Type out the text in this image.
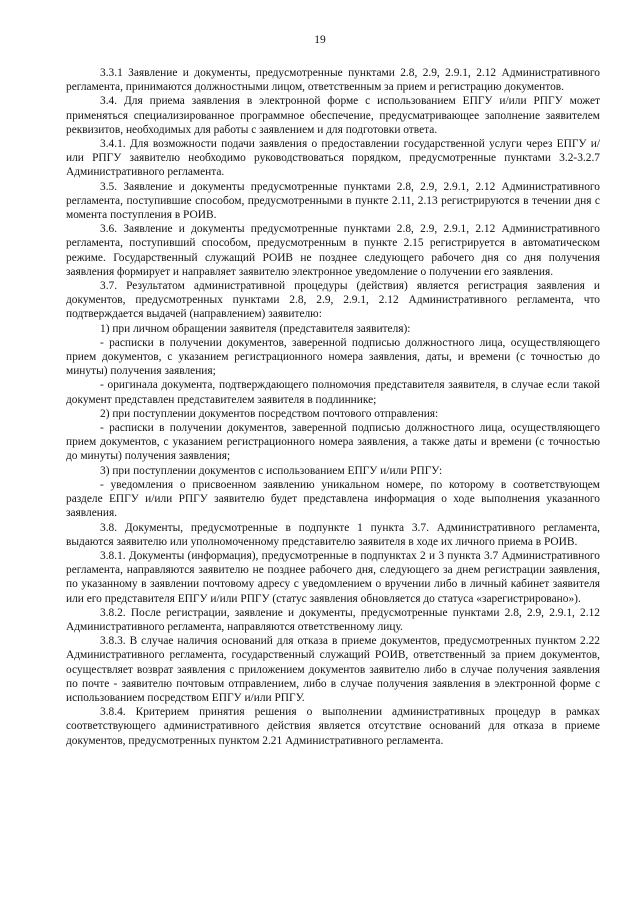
19

3.3.1 Заявление и документы, предусмотренные пунктами 2.8, 2.9, 2.9.1, 2.12 Административного регламента, принимаются должностными лицом, ответственным за прием и регистрацию документов.

3.4. Для приема заявления в электронной форме с использованием ЕПГУ и/или РПГУ может применяться специализированное программное обеспечение, предусматривающее заполнение заявителем реквизитов, необходимых для работы с заявлением и для подготовки ответа.

3.4.1. Для возможности подачи заявления о предоставлении государственной услуги через ЕПГУ и/или РПГУ заявителю необходимо руководствоваться порядком, предусмотренные пунктами 3.2-3.2.7 Административного регламента.

3.5. Заявление и документы предусмотренные пунктами 2.8, 2.9, 2.9.1, 2.12 Административного регламента, поступившие способом, предусмотренными в пункте 2.11, 2.13 регистрируются в течении дня с момента поступления в РОИВ.

3.6. Заявление и документы предусмотренные пунктами 2.8, 2.9, 2.9.1, 2.12 Административного регламента, поступивший способом, предусмотренным в пункте 2.15 регистрируется в автоматическом режиме. Государственный служащий РОИВ не позднее следующего рабочего дня со дня получения заявления формирует и направляет заявителю электронное уведомление о получении его заявления.

3.7. Результатом административной процедуры (действия) является регистрация заявления и документов, предусмотренных пунктами 2.8, 2.9, 2.9.1, 2.12 Административного регламента, что подтверждается выдачей (направлением) заявителю:

1) при личном обращении заявителя (представителя заявителя):

- расписки в получении документов, заверенной подписью должностного лица, осуществляющего прием документов, с указанием регистрационного номера заявления, даты, и времени (с точностью до минуты) получения заявления;

- оригинала документа, подтверждающего полномочия представителя заявителя, в случае если такой документ представлен представителем заявителя в подлиннике;

2) при поступлении документов посредством почтового отправления:

- расписки в получении документов, заверенной подписью должностного лица, осуществляющего прием документов, с указанием регистрационного номера заявления, а также даты и времени (с точностью до минуты) получения заявления;

3) при поступлении документов с использованием ЕПГУ и/или РПГУ:

- уведомления о присвоенном заявлению уникальном номере, по которому в соответствующем разделе ЕПГУ и/или РПГУ заявителю будет представлена информация о ходе выполнения указанного заявления.

3.8. Документы, предусмотренные в подпункте 1 пункта 3.7. Административного регламента, выдаются заявителю или уполномоченному представителю заявителя в ходе их личного приема в РОИВ.

3.8.1. Документы (информация), предусмотренные в подпунктах 2 и 3 пункта 3.7 Административного регламента, направляются заявителю не позднее рабочего дня, следующего за днем регистрации заявления, по указанному в заявлении почтовому адресу с уведомлением о вручении либо в личный кабинет заявителя или его представителя ЕПГУ и/или РПГУ (статус заявления обновляется до статуса «зарегистрировано»).

3.8.2. После регистрации, заявление и документы, предусмотренные пунктами 2.8, 2.9, 2.9.1, 2.12 Административного регламента, направляются ответственному лицу.

3.8.3. В случае наличия оснований для отказа в приеме документов, предусмотренных пунктом 2.22 Административного регламента, государственный служащий РОИВ, ответственный за прием документов, осуществляет возврат заявления с приложением документов заявителю либо в случае получения заявления по почте - заявителю почтовым отправлением, либо в случае получения заявления в электронной форме с использованием посредством ЕПГУ и/или РПГУ.

3.8.4. Критерием принятия решения о выполнении административных процедур в рамках соответствующего административного действия является отсутствие оснований для отказа в приеме документов, предусмотренных пунктом 2.21 Административного регламента.
